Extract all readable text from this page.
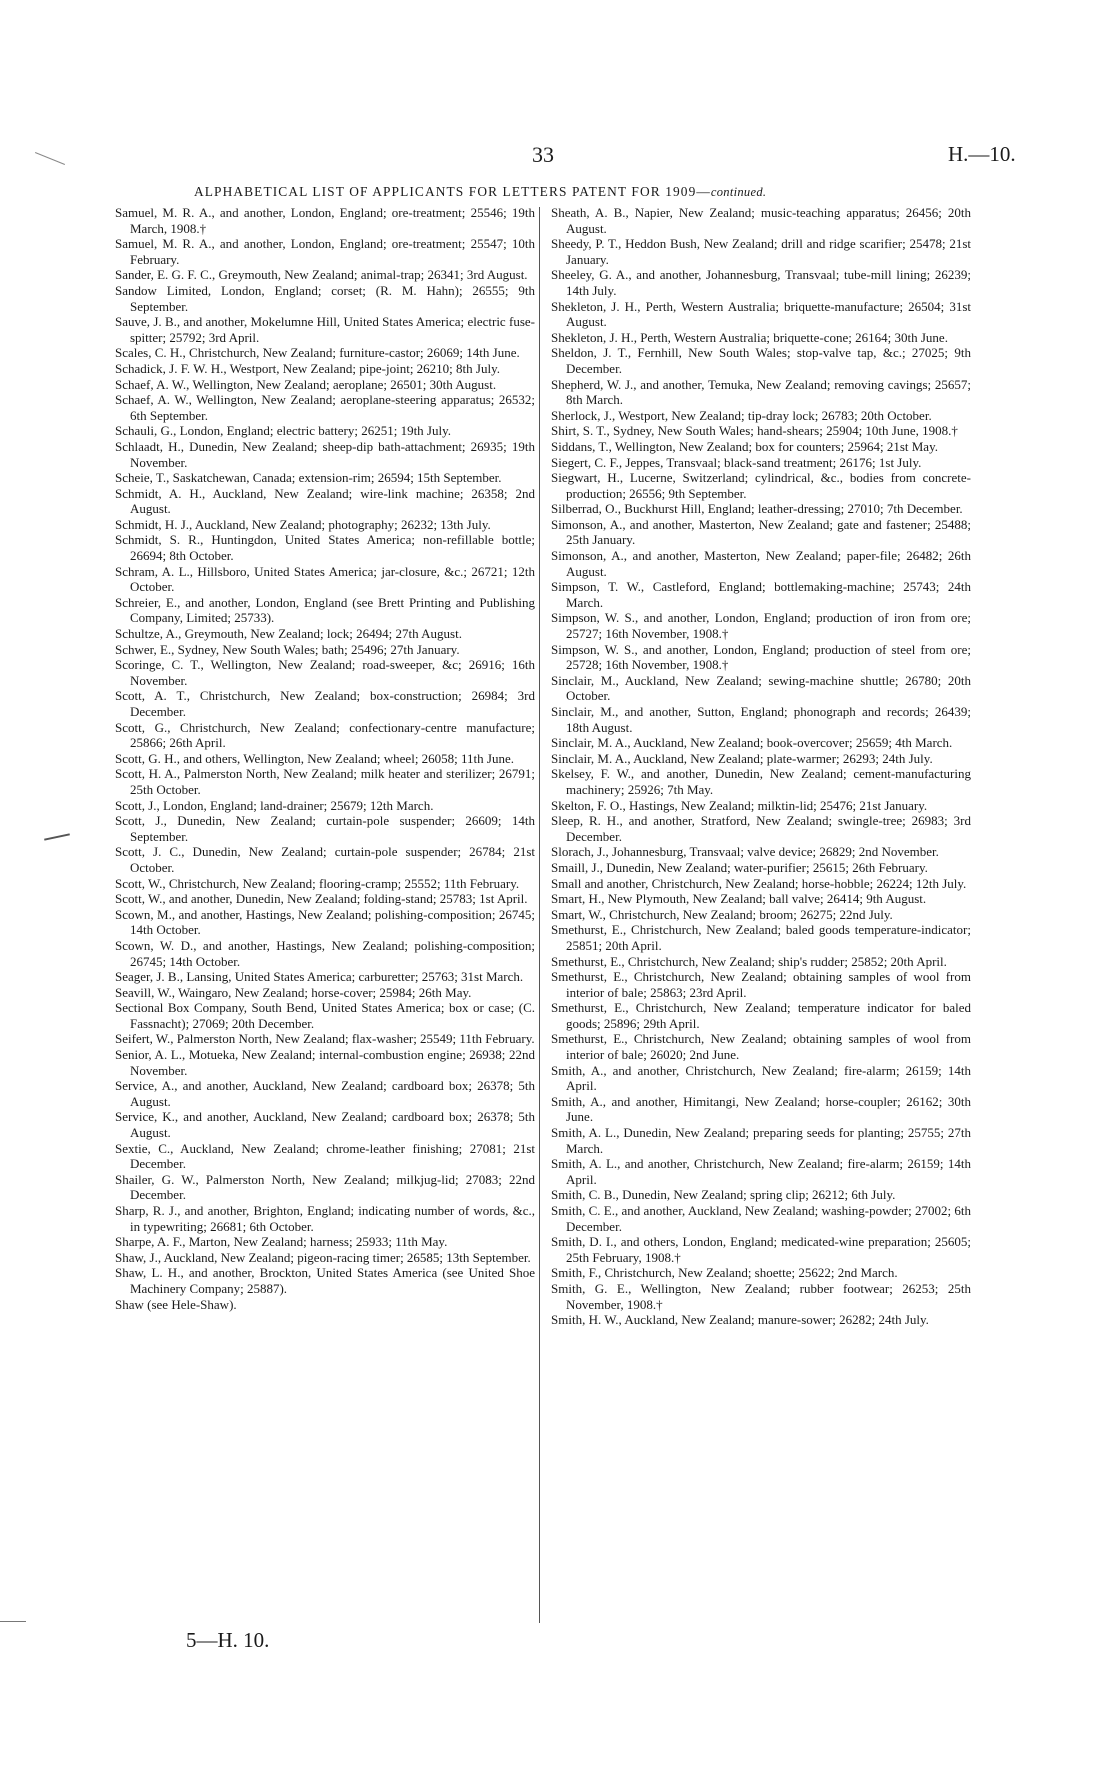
33	H.—10.
ALPHABETICAL LIST OF APPLICANTS FOR LETTERS PATENT FOR 1909—continued.

Samuel, M. R. A., and another, London, England; ore-treatment; 25546; 19th March, 1908.†

Samuel, M. R. A., and another, London, England; ore-treatment; 25547; 10th February.

Sander, E. G. F. C., Greymouth, New Zealand; animal-trap; 26341; 3rd August.

Sandow Limited, London, England; corset; (R. M. Hahn); 26555; 9th September.

Sauve, J. B., and another, Mokelumne Hill, United States America; electric fuse-spitter; 25792; 3rd April.

Scales, C. H., Christchurch, New Zealand; furniture-castor; 26069; 14th June.

Schadick, J. F. W. H., Westport, New Zealand; pipe-joint; 26210; 8th July.

Schaef, A. W., Wellington, New Zealand; aeroplane; 26501; 30th August.

Schaef, A. W., Wellington, New Zealand; aeroplane-steering apparatus; 26532; 6th September.

Schauli, G., London, England; electric battery; 26251; 19th July.

Schlaadt, H., Dunedin, New Zealand; sheep-dip bath-attachment; 26935; 19th November.

Scheie, T., Saskatchewan, Canada; extension-rim; 26594; 15th September.

Schmidt, A. H., Auckland, New Zealand; wire-link machine; 26358; 2nd August.

Schmidt, H. J., Auckland, New Zealand; photography; 26232; 13th July.

Schmidt, S. R., Huntingdon, United States America; non-refillable bottle; 26694; 8th October.

Schram, A. L., Hillsboro, United States America; jar-closure, &c.; 26721; 12th October.

Schreier, E., and another, London, England (see Brett Printing and Publishing Company, Limited; 25733).

Schultze, A., Greymouth, New Zealand; lock; 26494; 27th August.

Schwer, E., Sydney, New South Wales; bath; 25496; 27th January.

Scoringe, C. T., Wellington, New Zealand; road-sweeper, &c; 26916; 16th November.

Scott, A. T., Christchurch, New Zealand; box-construction; 26984; 3rd December.

Scott, G., Christchurch, New Zealand; confectionary-centre manufacture; 25866; 26th April.

Scott, G. H., and others, Wellington, New Zealand; wheel; 26058; 11th June.

Scott, H. A., Palmerston North, New Zealand; milk heater and sterilizer; 26791; 25th October.

Scott, J., London, England; land-drainer; 25679; 12th March.

Scott, J., Dunedin, New Zealand; curtain-pole suspender; 26609; 14th September.

Scott, J. C., Dunedin, New Zealand; curtain-pole suspender; 26784; 21st October.

Scott, W., Christchurch, New Zealand; flooring-cramp; 25552; 11th February.

Scott, W., and another, Dunedin, New Zealand; folding-stand; 25783; 1st April.

Scown, M., and another, Hastings, New Zealand; polishing-composition; 26745; 14th October.

Scown, W. D., and another, Hastings, New Zealand; polishing-composition; 26745; 14th October.

Seager, J. B., Lansing, United States America; carburetter; 25763; 31st March.

Seavill, W., Waingaro, New Zealand; horse-cover; 25984; 26th May.

Sectional Box Company, South Bend, United States America; box or case; (C. Fassnacht); 27069; 20th December.

Seifert, W., Palmerston North, New Zealand; flax-washer; 25549; 11th February.

Senior, A. L., Motueka, New Zealand; internal-combustion engine; 26938; 22nd November.

Service, A., and another, Auckland, New Zealand; cardboard box; 26378; 5th August.

Service, K., and another, Auckland, New Zealand; cardboard box; 26378; 5th August.

Sextie, C., Auckland, New Zealand; chrome-leather finishing; 27081; 21st December.

Shailer, G. W., Palmerston North, New Zealand; milkjug-lid; 27083; 22nd December.

Sharp, R. J., and another, Brighton, England; indicating number of words, &c., in typewriting; 26681; 6th October.

Sharpe, A. F., Marton, New Zealand; harness; 25933; 11th May.

Shaw, J., Auckland, New Zealand; pigeon-racing timer; 26585; 13th September.

Shaw, L. H., and another, Brockton, United States America (see United Shoe Machinery Company; 25887).

Shaw (see Hele-Shaw).

Sheath, A. B., Napier, New Zealand; music-teaching apparatus; 26456; 20th August.

Sheedy, P. T., Heddon Bush, New Zealand; drill and ridge scarifier; 25478; 21st January.

Sheeley, G. A., and another, Johannesburg, Transvaal; tube-mill lining; 26239; 14th July.

Shekleton, J. H., Perth, Western Australia; briquette-manufacture; 26504; 31st August.

Shekleton, J. H., Perth, Western Australia; briquette-cone; 26164; 30th June.

Sheldon, J. T., Fernhill, New South Wales; stop-valve tap, &c.; 27025; 9th December.

Shepherd, W. J., and another, Temuka, New Zealand; removing cavings; 25657; 8th March.

Sherlock, J., Westport, New Zealand; tip-dray lock; 26783; 20th October.

Shirt, S. T., Sydney, New South Wales; hand-shears; 25904; 10th June, 1908.†

Siddans, T., Wellington, New Zealand; box for counters; 25964; 21st May.

Siegert, C. F., Jeppes, Transvaal; black-sand treatment; 26176; 1st July.

Siegwart, H., Lucerne, Switzerland; cylindrical, &c., bodies from concrete-production; 26556; 9th September.

Silberrad, O., Buckhurst Hill, England; leather-dressing; 27010; 7th December.

Simonson, A., and another, Masterton, New Zealand; gate and fastener; 25488; 25th January.

Simonson, A., and another, Masterton, New Zealand; paper-file; 26482; 26th August.

Simpson, T. W., Castleford, England; bottlemaking-machine; 25743; 24th March.

Simpson, W. S., and another, London, England; production of iron from ore; 25727; 16th November, 1908.†

Simpson, W. S., and another, London, England; production of steel from ore; 25728; 16th November, 1908.†

Sinclair, M., Auckland, New Zealand; sewing-machine shuttle; 26780; 20th October.

Sinclair, M., and another, Sutton, England; phonograph and records; 26439; 18th August.

Sinclair, M. A., Auckland, New Zealand; book-overcover; 25659; 4th March.

Sinclair, M. A., Auckland, New Zealand; plate-warmer; 26293; 24th July.

Skelsey, F. W., and another, Dunedin, New Zealand; cement-manufacturing machinery; 25926; 7th May.

Skelton, F. O., Hastings, New Zealand; milktin-lid; 25476; 21st January.

Sleep, R. H., and another, Stratford, New Zealand; swingle-tree; 26983; 3rd December.

Slorach, J., Johannesburg, Transvaal; valve device; 26829; 2nd November.

Smaill, J., Dunedin, New Zealand; water-purifier; 25615; 26th February.

Small and another, Christchurch, New Zealand; horse-hobble; 26224; 12th July.

Smart, H., New Plymouth, New Zealand; ball valve; 26414; 9th August.

Smart, W., Christchurch, New Zealand; broom; 26275; 22nd July.

Smethurst, E., Christchurch, New Zealand; baled goods temperature-indicator; 25851; 20th April.

Smethurst, E., Christchurch, New Zealand; ship's rudder; 25852; 20th April.

Smethurst, E., Christchurch, New Zealand; obtaining samples of wool from interior of bale; 25863; 23rd April.

Smethurst, E., Christchurch, New Zealand; temperature indicator for baled goods; 25896; 29th April.

Smethurst, E., Christchurch, New Zealand; obtaining samples of wool from interior of bale; 26020; 2nd June.

Smith, A., and another, Christchurch, New Zealand; fire-alarm; 26159; 14th April.

Smith, A., and another, Himitangi, New Zealand; horse-coupler; 26162; 30th June.

Smith, A. L., Dunedin, New Zealand; preparing seeds for planting; 25755; 27th March.

Smith, A. L., and another, Christchurch, New Zealand; fire-alarm; 26159; 14th April.

Smith, C. B., Dunedin, New Zealand; spring clip; 26212; 6th July.

Smith, C. E., and another, Auckland, New Zealand; washing-powder; 27002; 6th December.

Smith, D. I., and others, London, England; medicated-wine preparation; 25605; 25th February, 1908.†

Smith, F., Christchurch, New Zealand; shoette; 25622; 2nd March.

Smith, G. E., Wellington, New Zealand; rubber footwear; 26253; 25th November, 1908.†

Smith, H. W., Auckland, New Zealand; manure-sower; 26282; 24th July.

5—H. 10.
